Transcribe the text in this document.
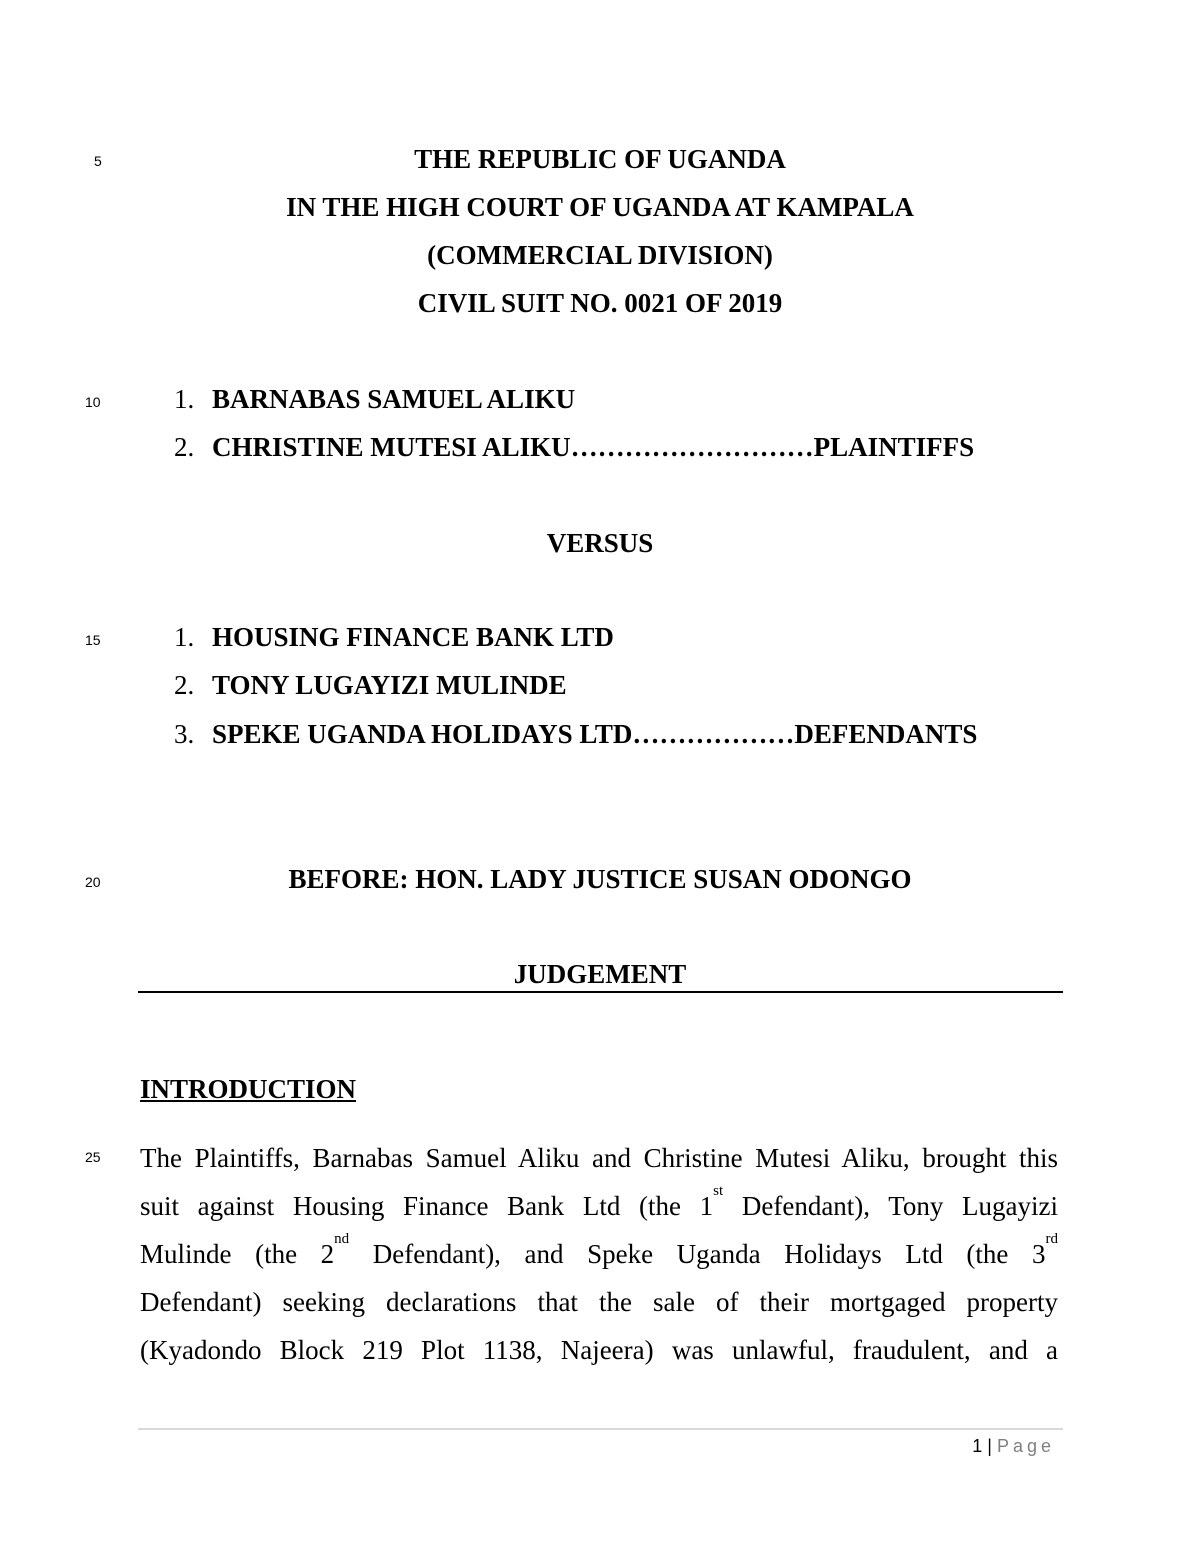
5
10
15
20
25
THE REPUBLIC OF UGANDA
IN THE HIGH COURT OF UGANDA AT KAMPALA
(COMMERCIAL DIVISION)
CIVIL SUIT NO. 0021 OF 2019
1. BARNABAS SAMUEL ALIKU
2. CHRISTINE MUTESI ALIKU………………………PLAINTIFFS
VERSUS
1. HOUSING FINANCE BANK LTD
2. TONY LUGAYIZI MULINDE
3. SPEKE UGANDA HOLIDAYS LTD………………DEFENDANTS
BEFORE: HON. LADY JUSTICE SUSAN ODONGO
JUDGEMENT
INTRODUCTION
The Plaintiffs, Barnabas Samuel Aliku and Christine Mutesi Aliku, brought this
suit against Housing Finance Bank Ltd (the 1st Defendant), Tony Lugayizi
Mulinde (the 2nd Defendant), and Speke Uganda Holidays Ltd (the 3rd
Defendant) seeking declarations that the sale of their mortgaged property
(Kyadondo Block 219 Plot 1138, Najeera) was unlawful, fraudulent, and a
1 | Page
